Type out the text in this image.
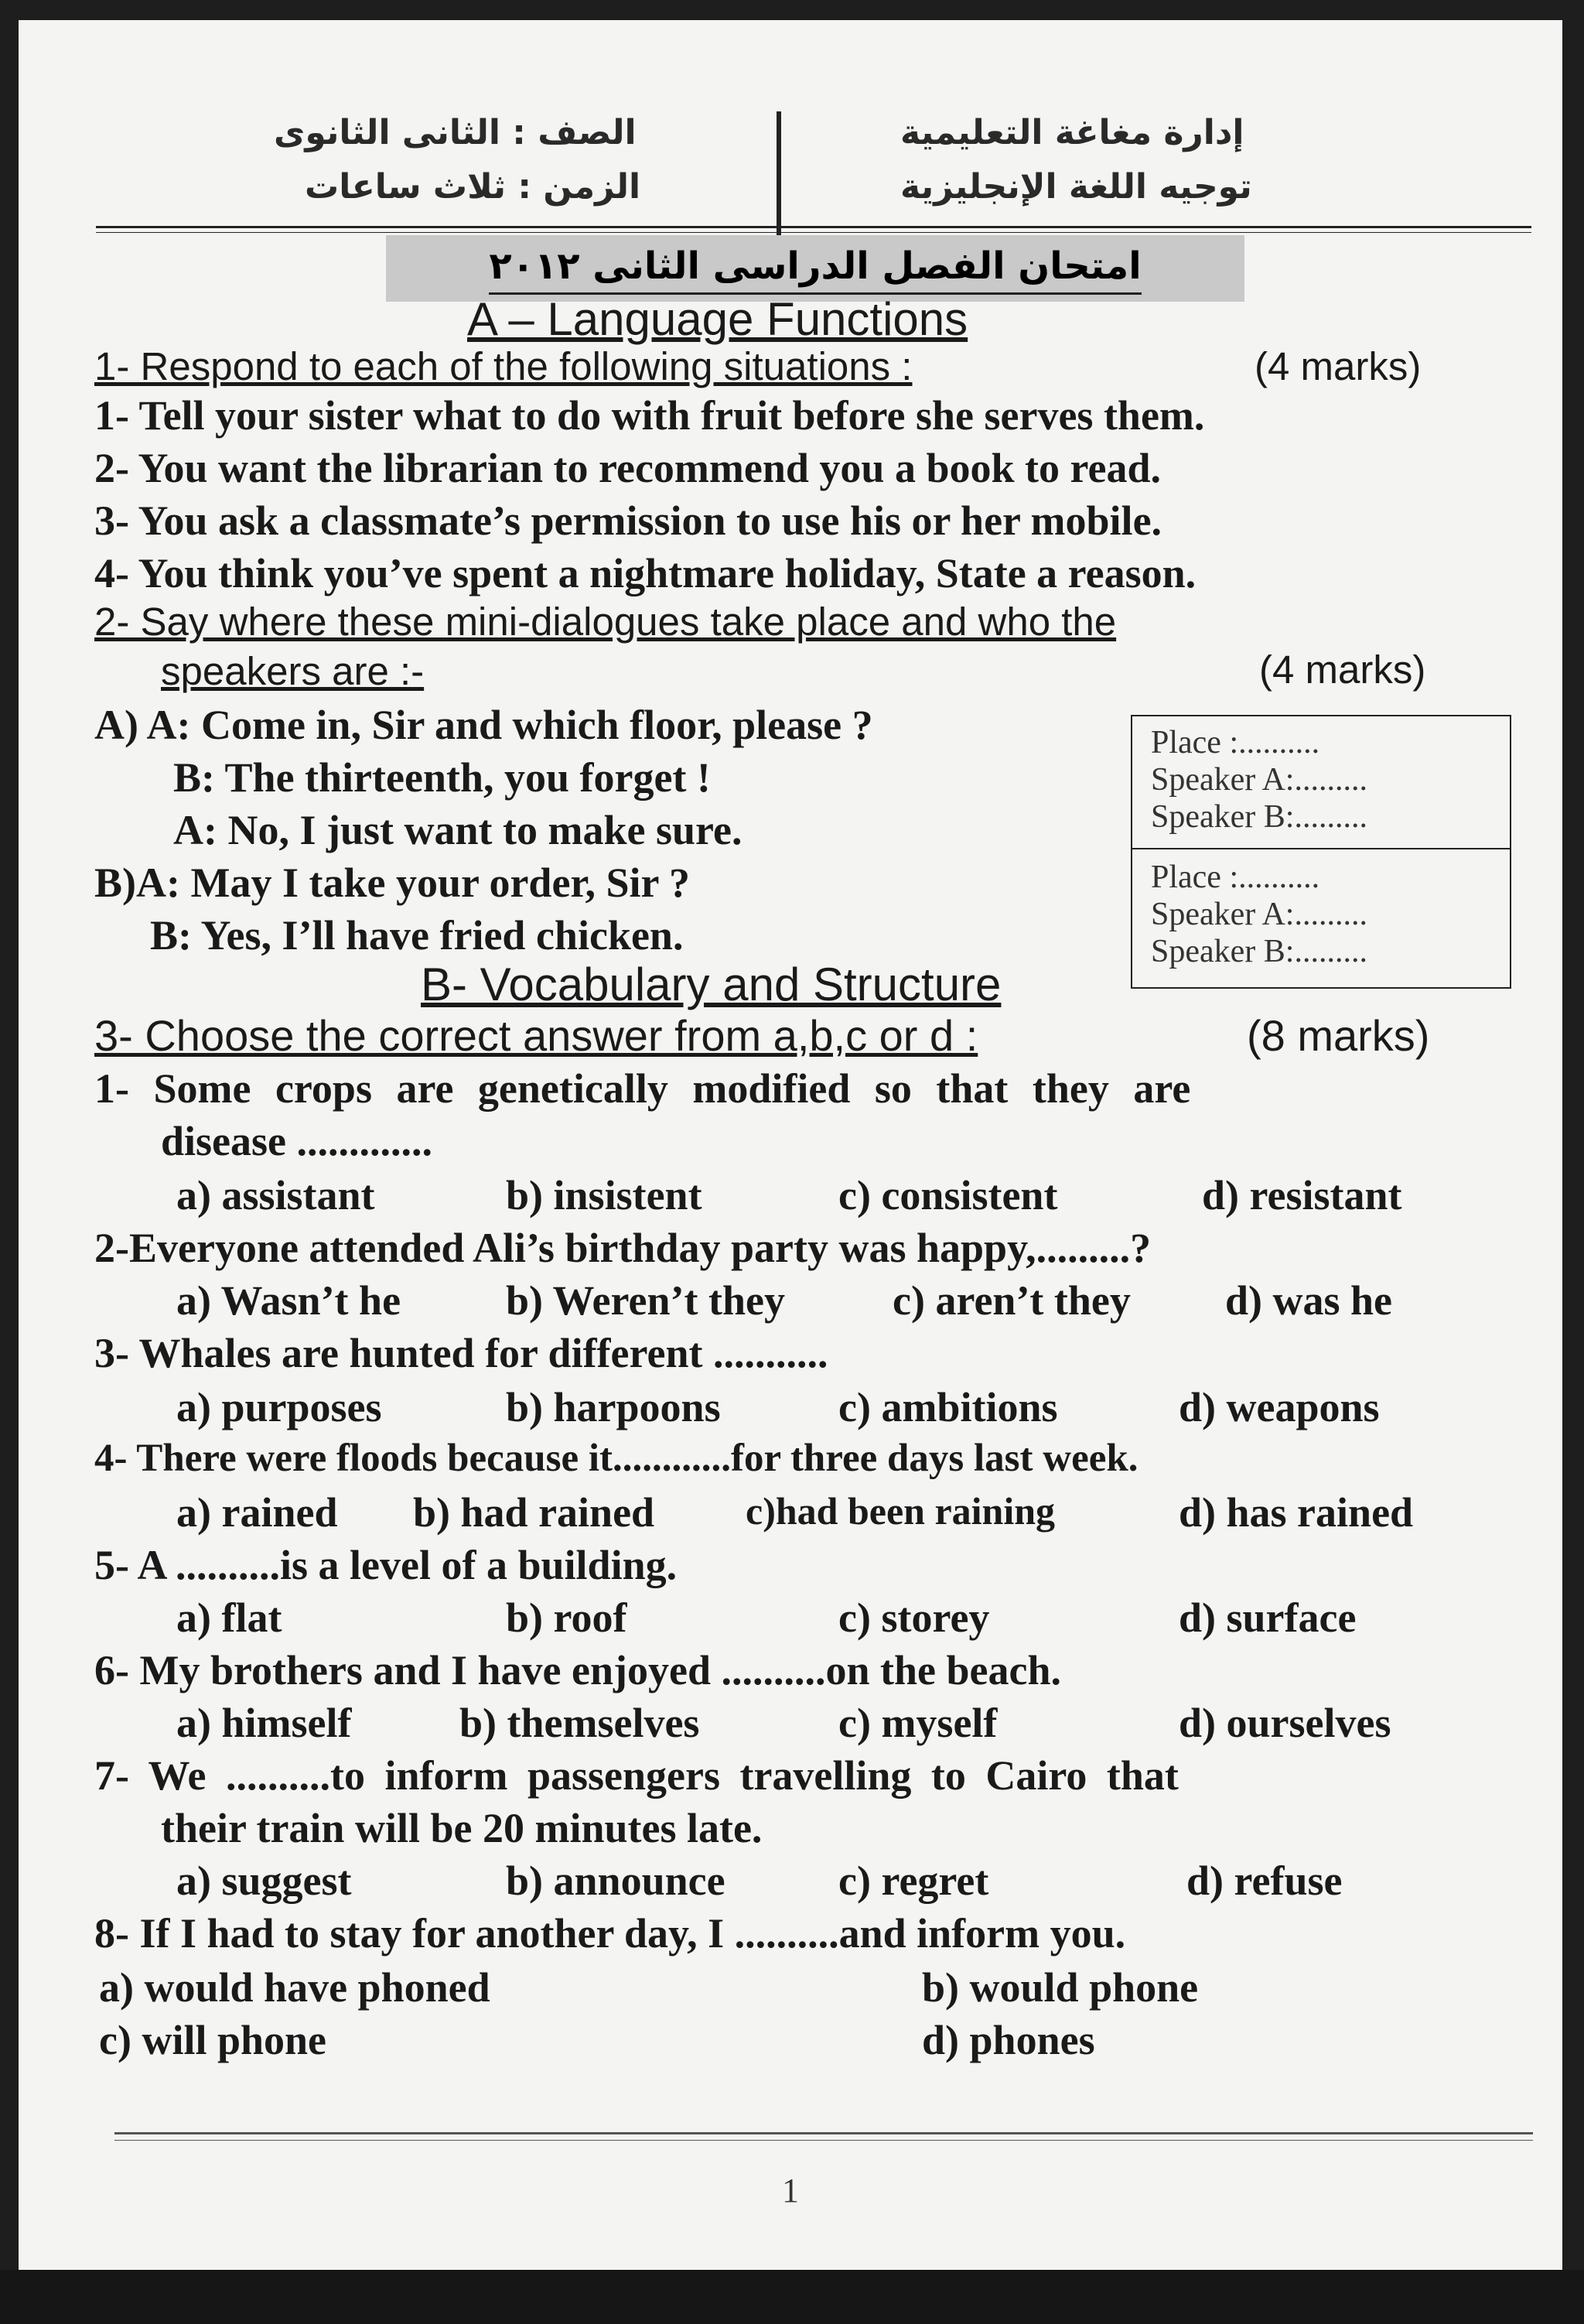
إدارة مغاغة التعليمية
توجيه اللغة الإنجليزية
الصف : الثانى الثانوى
الزمن : ثلاث ساعات
امتحان الفصل الدراسى الثانى ٢٠١٢
A – Language Functions
1- Respond to each of the following situations :	(4 marks)
1- Tell your sister what to do with fruit before she serves them.
2- You want the librarian to recommend you a book to read.
3- You ask a classmate’s permission to use his or her mobile.
4- You think you’ve spent a nightmare holiday, State a reason.
2- Say where these mini-dialogues take place and who the
speakers are :-	(4 marks)
A) A: Come in, Sir and which floor, please ?
B: The thirteenth, you forget !
A: No, I just want to make sure.
B)A: May I take your order, Sir ?
B: Yes, I’ll have fried chicken.
Place :..........
Speaker A:.........
Speaker B:.........
Place :..........
Speaker A:.........
Speaker B:.........
B- Vocabulary and Structure
3- Choose the correct answer from a,b,c or d :	(8 marks)
1- Some crops are genetically modified so that they are
disease .............
a) assistant	b) insistent	c) consistent	d) resistant
2-Everyone attended Ali’s birthday party was happy,.........?
a) Wasn’t he	b) Weren’t they	c) aren’t they d) was he
3- Whales are hunted for different ...........
a) purposes	b) harpoons	c) ambitions	d) weapons
4- There were floods because it............for three days last week.
a) rained b) had rained c)had been raining	d) has rained
5- A ..........is a level of a building.
a) flat	b) roof	c) storey	d) surface
6- My brothers and I have enjoyed ..........on the beach.
a) himself	b) themselves	c) myself	d) ourselves
7- We ..........to inform passengers travelling to Cairo that
their train will be 20 minutes late.
a) suggest	b) announce	c) regret	d) refuse
8- If I had to stay for another day, I ..........and inform you.
a) would have phoned	b) would phone
c) will phone	d) phones
1
